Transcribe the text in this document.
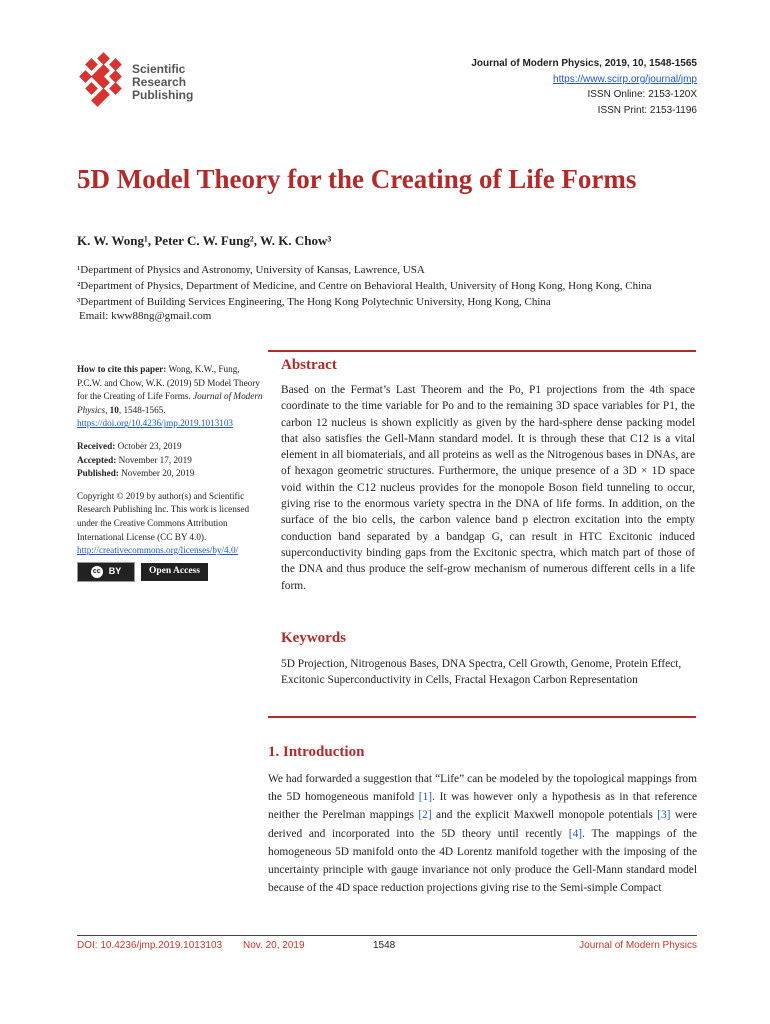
Scientific
Research
Publishing
Journal of Modern Physics, 2019, 10, 1548-1565
https://www.scirp.org/journal/jmp
ISSN Online: 2153-120X
ISSN Print: 2153-1196
5D Model Theory for the Creating of Life Forms
K. W. Wong¹, Peter C. W. Fung², W. K. Chow³
¹Department of Physics and Astronomy, University of Kansas, Lawrence, USA
²Department of Physics, Department of Medicine, and Centre on Behavioral Health, University of Hong Kong, Hong Kong, China
³Department of Building Services Engineering, The Hong Kong Polytechnic University, Hong Kong, China
Email: kww88ng@gmail.com

How to cite this paper: Wong, K.W., Fung, P.C.W. and Chow, W.K. (2019) 5D Model Theory for the Creating of Life Forms. Journal of Modern Physics, 10, 1548-1565.
https://doi.org/10.4236/jmp.2019.1013103

Received: October 23, 2019

Accepted: November 17, 2019

Published: November 20, 2019

Copyright © 2019 by author(s) and Scientific Research Publishing Inc. This work is licensed under the Creative Commons Attribution International License (CC BY 4.0).

http://creativecommons.org/licenses/by/4.0/

cc BY	Open Access
Abstract
Based on the Fermat’s Last Theorem and the Po, P1 projections from the 4th space coordinate to the time variable for Po and to the remaining 3D space variables for P1, the carbon 12 nucleus is shown explicitly as given by the hard-sphere dense packing model that also satisfies the Gell-Mann standard model. It is through these that C12 is a vital element in all biomaterials, and all proteins as well as the Nitrogenous bases in DNAs, are of hexagon geometric structures. Furthermore, the unique presence of a 3D × 1D space void within the C12 nucleus provides for the monopole Boson field tunneling to occur, giving rise to the enormous variety spectra in the DNA of life forms. In addition, on the surface of the bio cells, the carbon valence band p electron excitation into the empty conduction band separated by a bandgap G, can result in HTC Excitonic induced superconductivity binding gaps from the Excitonic spectra, which match part of those of the DNA and thus produce the self-grow mechanism of numerous different cells in a life form.
Keywords
5D Projection, Nitrogenous Bases, DNA Spectra, Cell Growth, Genome, Protein Effect, Excitonic Superconductivity in Cells, Fractal Hexagon Carbon Representation
1. Introduction
We had forwarded a suggestion that “Life” can be modeled by the topological mappings from the 5D homogeneous manifold [1]. It was however only a hypothesis as in that reference neither the Perelman mappings [2] and the explicit Maxwell monopole potentials [3] were derived and incorporated into the 5D theory until recently [4]. The mappings of the homogeneous 5D manifold onto the 4D Lorentz manifold together with the imposing of the uncertainty principle with gauge invariance not only produce the Gell-Mann standard model because of the 4D space reduction projections giving rise to the Semi-simple Compact
DOI: 10.4236/jmp.2019.1013103 Nov. 20, 2019	1548	Journal of Modern Physics
